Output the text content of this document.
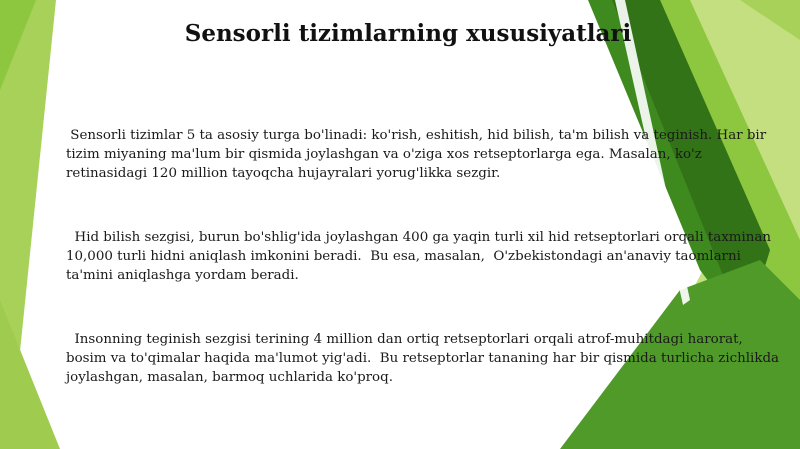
Sensorli tizimlarning xususiyatlari
Sensorli tizimlar 5 ta asosiy turga bo'linadi: ko'rish, eshitish, hid bilish, ta'm bilish va teginish. Har bir tizim miyaning ma'lum bir qismida joylashgan va o'ziga xos retseptorlarga ega. Masalan, ko'z retinasidagi 120 million tayoqcha hujayralari yorug'likka sezgir.
Hid bilish sezgisi, burun bo'shlig'ida joylashgan 400 ga yaqin turli xil hid retseptorlari orqali taxminan 10,000 turli hidni aniqlash imkonini beradi.  Bu esa, masalan,  O'zbekistondagi an'anaviy taomlarni ta'mini aniqlashga yordam beradi.
Insonning teginish sezgisi terining 4 million dan ortiq retseptorlari orqali atrof-muhitdagi harorat, bosim va to'qimalar haqida ma'lumot yig'adi.  Bu retseptorlar tananing har bir qismida turlicha zichlikda joylashgan, masalan, barmoq uchlarida ko'proq.
